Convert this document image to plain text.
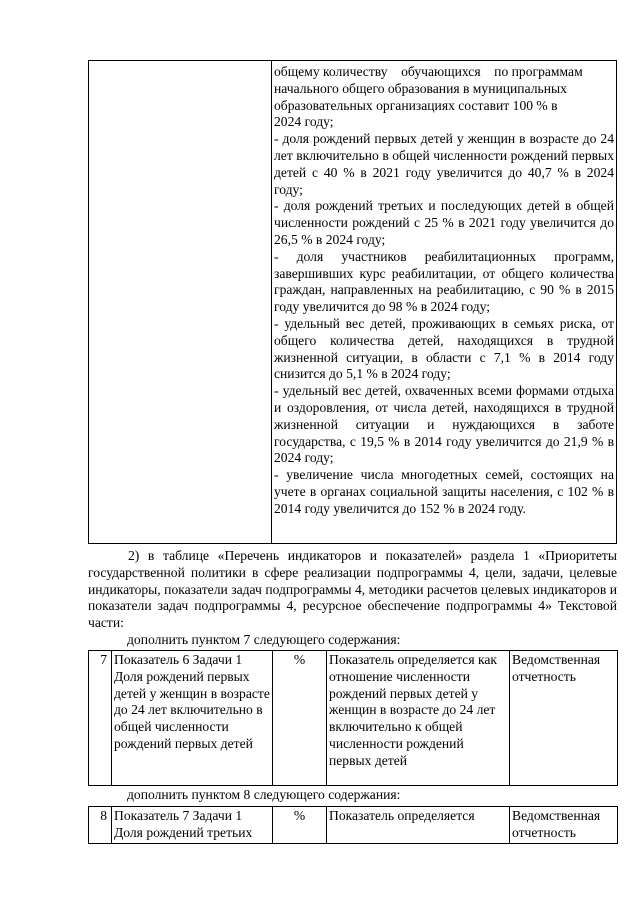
общему количеству    обучающихся    по программам

начального общего образования в муниципальных

образовательных организациях составит 100 % в

2024 году;

- доля рождений первых детей у женщин в возрасте до 24 лет включительно в общей численности рождений первых детей с 40 % в 2021 году увеличится до 40,7 % в 2024 году;

- доля рождений третьих и последующих детей в общей численности рождений с 25 % в 2021 году увеличится до 26,5 % в 2024 году;

- доля участников реабилитационных программ, завершивших курс реабилитации, от общего количества граждан, направленных на реабилитацию, с 90 % в 2015 году увеличится до 98 % в 2024 году;

- удельный вес детей, проживающих в семьях риска, от общего количества детей, находящихся в трудной жизненной ситуации, в области с 7,1 % в 2014 году снизится до 5,1 % в 2024 году;

- удельный вес детей, охваченных всеми формами отдыха и оздоровления, от числа детей, находящихся в трудной жизненной ситуации и нуждающихся в заботе государства, с 19,5 % в 2014 году увеличится до 21,9 % в 2024 году;

- увеличение числа многодетных семей, состоящих на учете в органах социальной защиты населения, с 102 % в 2014 году увеличится до 152 % в 2024 году.

2) в таблице «Перечень индикаторов и показателей» раздела 1 «Приоритеты государственной политики в сфере реализации подпрограммы 4, цели, задачи, целевые индикаторы, показатели задач подпрограммы 4, методики расчетов целевых индикаторов и показатели задач подпрограммы 4, ресурсное обеспечение подпрограммы 4» Текстовой части:

дополнить пунктом 7 следующего содержания:

7	Показатель 6 Задачи 1 Доля рождений первых детей у женщин в возрасте до 24 лет включительно в общей численности рождений первых детей	%	Показатель определяется как отношение численности рождений первых детей у женщин в возрасте до 24 лет включительно к общей численности рождений первых детей	Ведомственная отчетность

дополнить пунктом 8 следующего содержания:

8	Показатель 7 Задачи 1 Доля рождений третьих	%	Показатель определяется	Ведомственная отчетность
